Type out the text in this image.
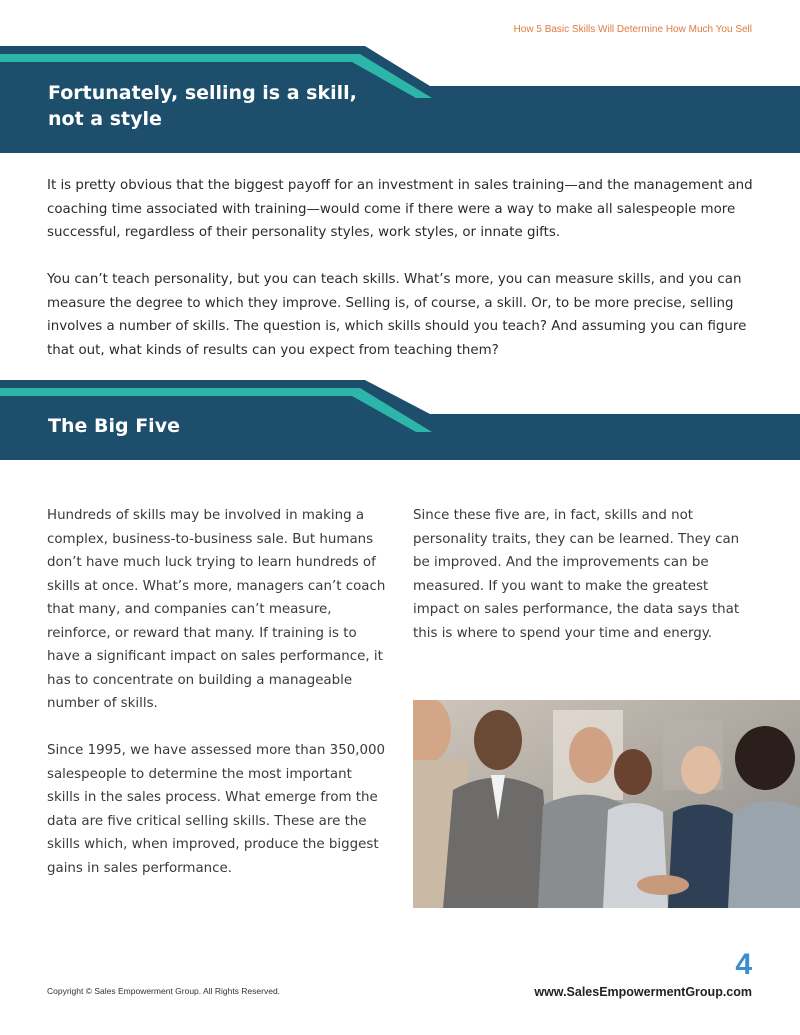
How 5 Basic Skills Will Determine How Much You Sell
Fortunately, selling is a skill,
not a style

It is pretty obvious that the biggest payoff for an investment in sales training—and the management and coaching time associated with training—would come if there were a way to make all salespeople more successful, regardless of their personality styles, work styles, or innate gifts.

You can’t teach personality, but you can teach skills. What’s more, you can measure skills, and you can measure the degree to which they improve. Selling is, of course, a skill. Or, to be more precise, selling involves a number of skills. The question is, which skills should you teach? And assuming you can figure that out, what kinds of results can you expect from teaching them?

The Big Five

Hundreds of skills may be involved in making a complex, business-to-business sale. But humans don’t have much luck trying to learn hundreds of skills at once. What’s more, managers can’t coach that many, and companies can’t measure, reinforce, or reward that many. If training is to have a significant impact on sales performance, it has to concentrate on building a manageable number of skills.

Since 1995, we have assessed more than 350,000 salespeople to determine the most important skills in the sales process. What emerge from the data are five critical selling skills. These are the skills which, when improved, produce the biggest gains in sales performance.

Since these five are, in fact, skills and not personality traits, they can be learned. They can be improved. And the improvements can be measured. If you want to make the greatest impact on sales performance, the data says that this is where to spend your time and energy.

4
Copyright © Sales Empowerment Group. All Rights Reserved.	www.SalesEmpowermentGroup.com
